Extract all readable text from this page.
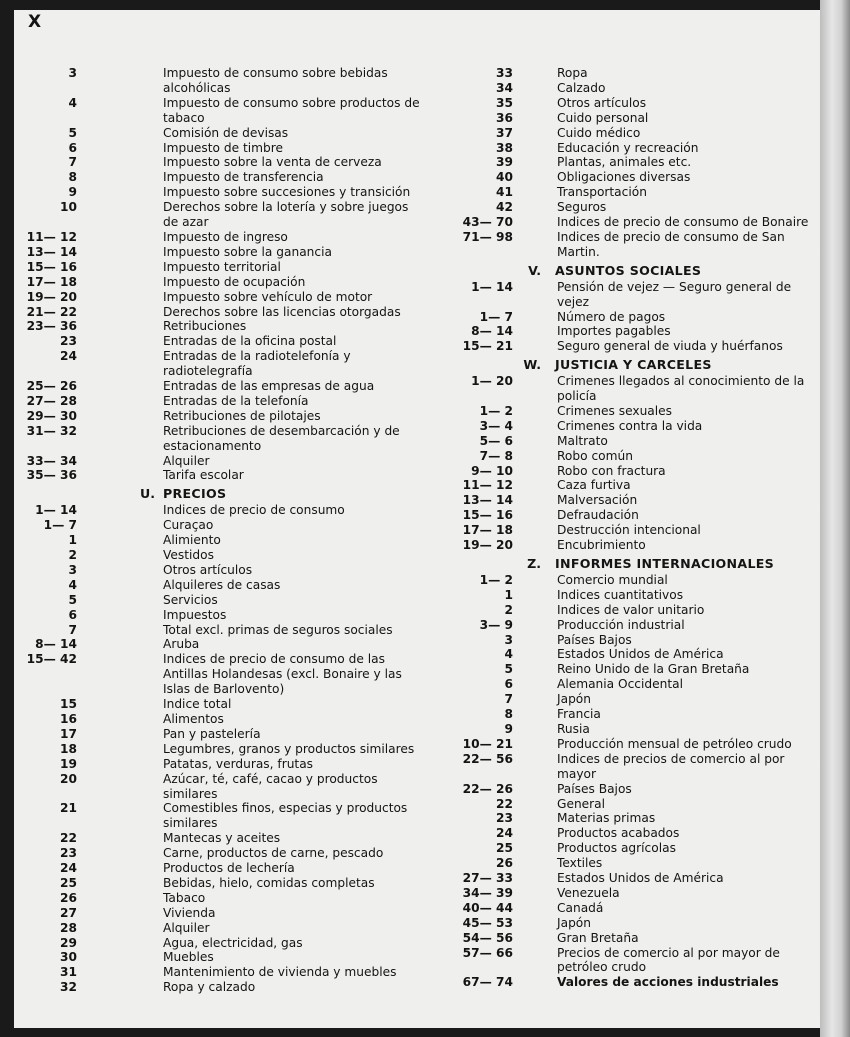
X
3	Impuesto de consumo sobre bebidas alcohólicas
4	Impuesto de consumo sobre productos de tabaco
5	Comisión de devisas
6	Impuesto de timbre
7	Impuesto sobre la venta de cerveza
8	Impuesto de transferencia
9	Impuesto sobre succesiones y transición
10	Derechos sobre la lotería y sobre juegos de azar
11— 12	Impuesto de ingreso
13— 14	Impuesto sobre la ganancia
15— 16	Impuesto territorial
17— 18	Impuesto de ocupación
19— 20	Impuesto sobre vehículo de motor
21— 22	Derechos sobre las licencias otorgadas
23— 36	Retribuciones
23	Entradas de la oficina postal
24	Entradas de la radiotelefonía y radiotelegrafía
25— 26	Entradas de las empresas de agua
27— 28	Entradas de la telefonía
29— 30	Retribuciones de pilotajes
31— 32	Retribuciones de desembarcación y de estacionamento
33— 34	Alquiler
35— 36	Tarifa escolar
U. PRECIOS
1— 14	Indices de precio de consumo
1— 7	Curaçao
1	Alimiento
2	Vestidos
3	Otros artículos
4	Alquileres de casas
5	Servicios
6	Impuestos
7	Total excl. primas de seguros sociales
8— 14	Aruba
15— 42	Indices de precio de consumo de las Antillas Holandesas (excl. Bonaire y las Islas de Barlovento)
15	Indice total
16	Alimentos
17	Pan y pastelería
18	Legumbres, granos y productos similares
19	Patatas, verduras, frutas
20	Azúcar, té, café, cacao y productos similares
21	Comestibles finos, especias y productos similares
22	Mantecas y aceites
23	Carne, productos de carne, pescado
24	Productos de lechería
25	Bebidas, hielo, comidas completas
26	Tabaco
27	Vivienda
28	Alquiler
29	Agua, electricidad, gas
30	Muebles
31	Mantenimiento de vivienda y muebles
32	Ropa y calzado
33	Ropa
34	Calzado
35	Otros artículos
36	Cuido personal
37	Cuido médico
38	Educación y recreación
39	Plantas, animales etc.
40	Obligaciones diversas
41	Transportación
42	Seguros
43— 70	Indices de precio de consumo de Bonaire
71— 98	Indices de precio de consumo de San Martin.
V.	ASUNTOS SOCIALES
1— 14	Pensión de vejez — Seguro general de vejez
1— 7	Número de pagos
8— 14	Importes pagables
15— 21	Seguro general de viuda y huérfanos
W.	JUSTICIA Y CARCELES
1— 20	Crimenes llegados al conocimiento de la policía
1— 2	Crimenes sexuales
3— 4	Crimenes contra la vida
5— 6	Maltrato
7— 8	Robo común
9— 10	Robo con fractura
11— 12	Caza furtiva
13— 14	Malversación
15— 16	Defraudación
17— 18	Destrucción intencional
19— 20	Encubrimiento
Z.	INFORMES INTERNACIONALES
1— 2	Comercio mundial
1	Indices cuantitativos
2	Indices de valor unitario
3— 9	Producción industrial
3	Países Bajos
4	Estados Unidos de América
5	Reino Unido de la Gran Bretaña
6	Alemania Occidental
7	Japón
8	Francia
9	Rusia
10— 21	Producción mensual de petróleo crudo
22— 56	Indices de precios de comercio al por mayor
22— 26	Países Bajos
22	General
23	Materias primas
24	Productos acabados
25	Productos agrícolas
26	Textiles
27— 33	Estados Unidos de América
34— 39	Venezuela
40— 44	Canadá
45— 53	Japón
54— 56	Gran Bretaña
57— 66	Precios de comercio al por mayor de petróleo crudo
67— 74	Valores de acciones industriales
